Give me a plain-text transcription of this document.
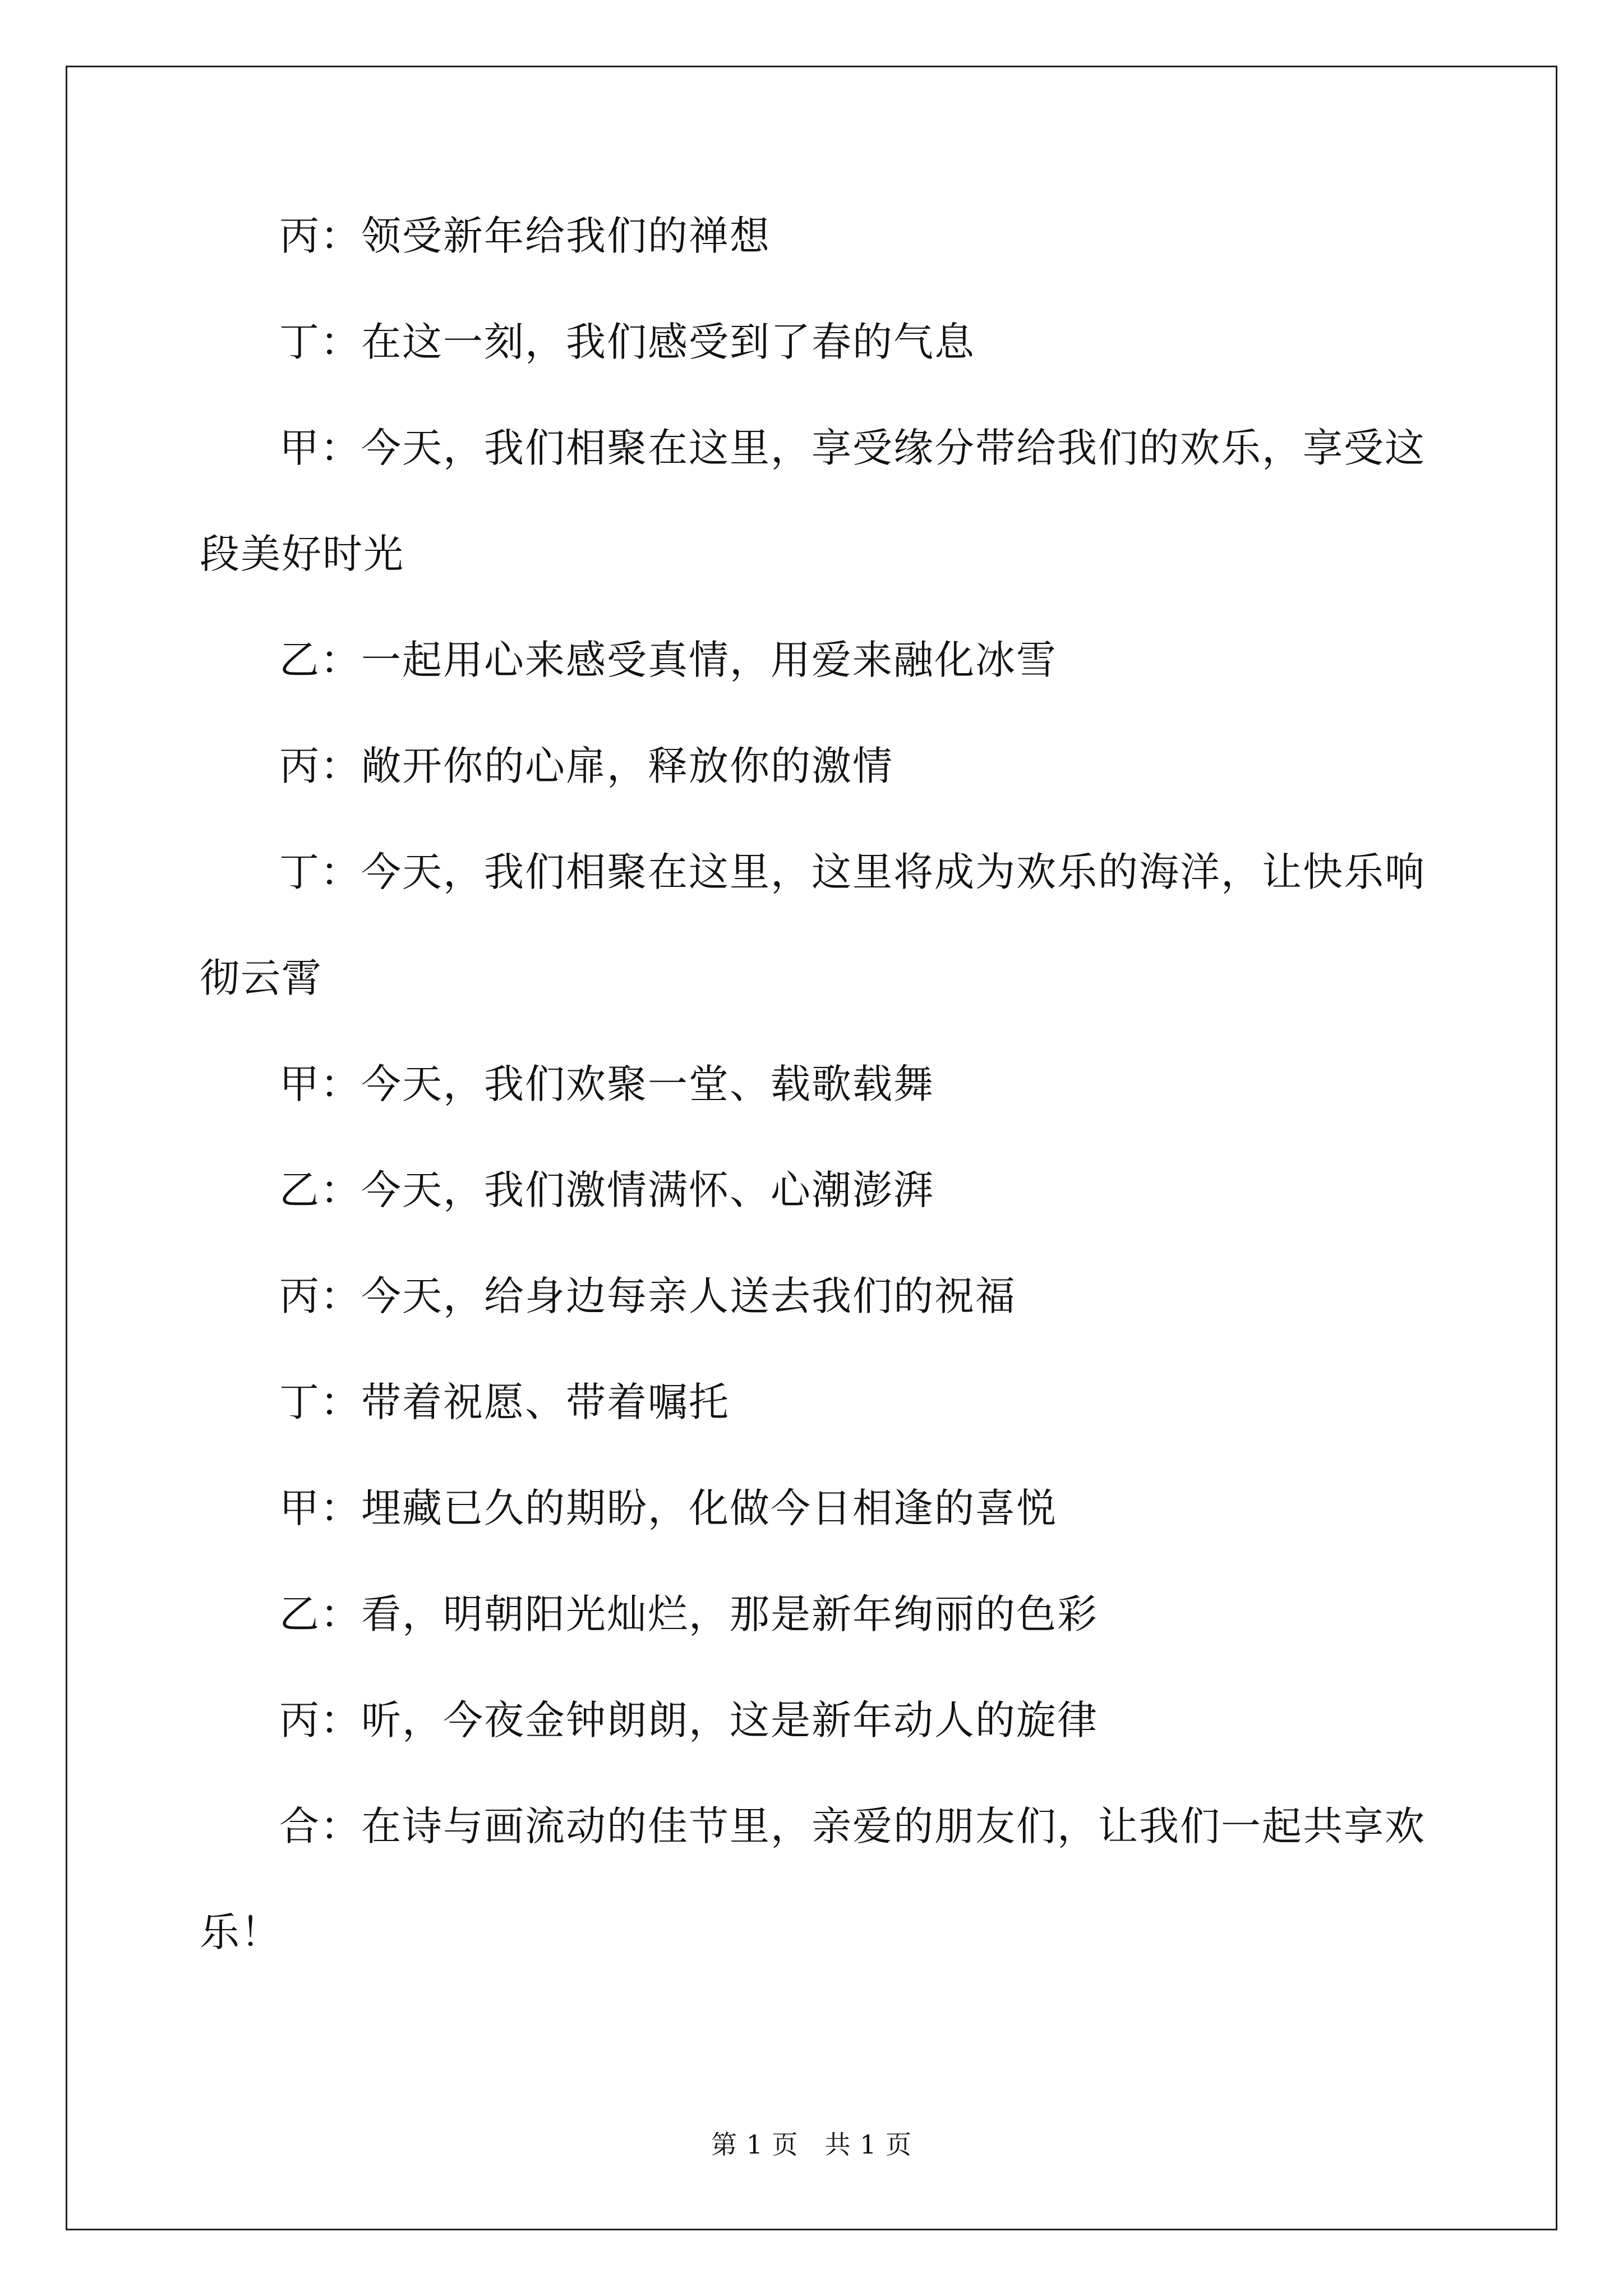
丙：领受新年给我们的禅想

丁：在这一刻，我们感受到了春的气息

甲：今天，我们相聚在这里，享受缘分带给我们的欢乐，享受这

段美好时光

乙：一起用心来感受真情，用爱来融化冰雪

丙：敞开你的心扉，释放你的激情

丁：今天，我们相聚在这里，这里将成为欢乐的海洋，让快乐响

彻云霄

甲：今天，我们欢聚一堂、载歌载舞

乙：今天，我们激情满怀、心潮澎湃

丙：今天，给身边每亲人送去我们的祝福

丁：带着祝愿、带着嘱托

甲：埋藏已久的期盼，化做今日相逢的喜悦

乙：看，明朝阳光灿烂，那是新年绚丽的色彩

丙：听，今夜金钟朗朗，这是新年动人的旋律

合：在诗与画流动的佳节里，亲爱的朋友们，让我们一起共享欢

乐！

第 1 页　共 1 页
